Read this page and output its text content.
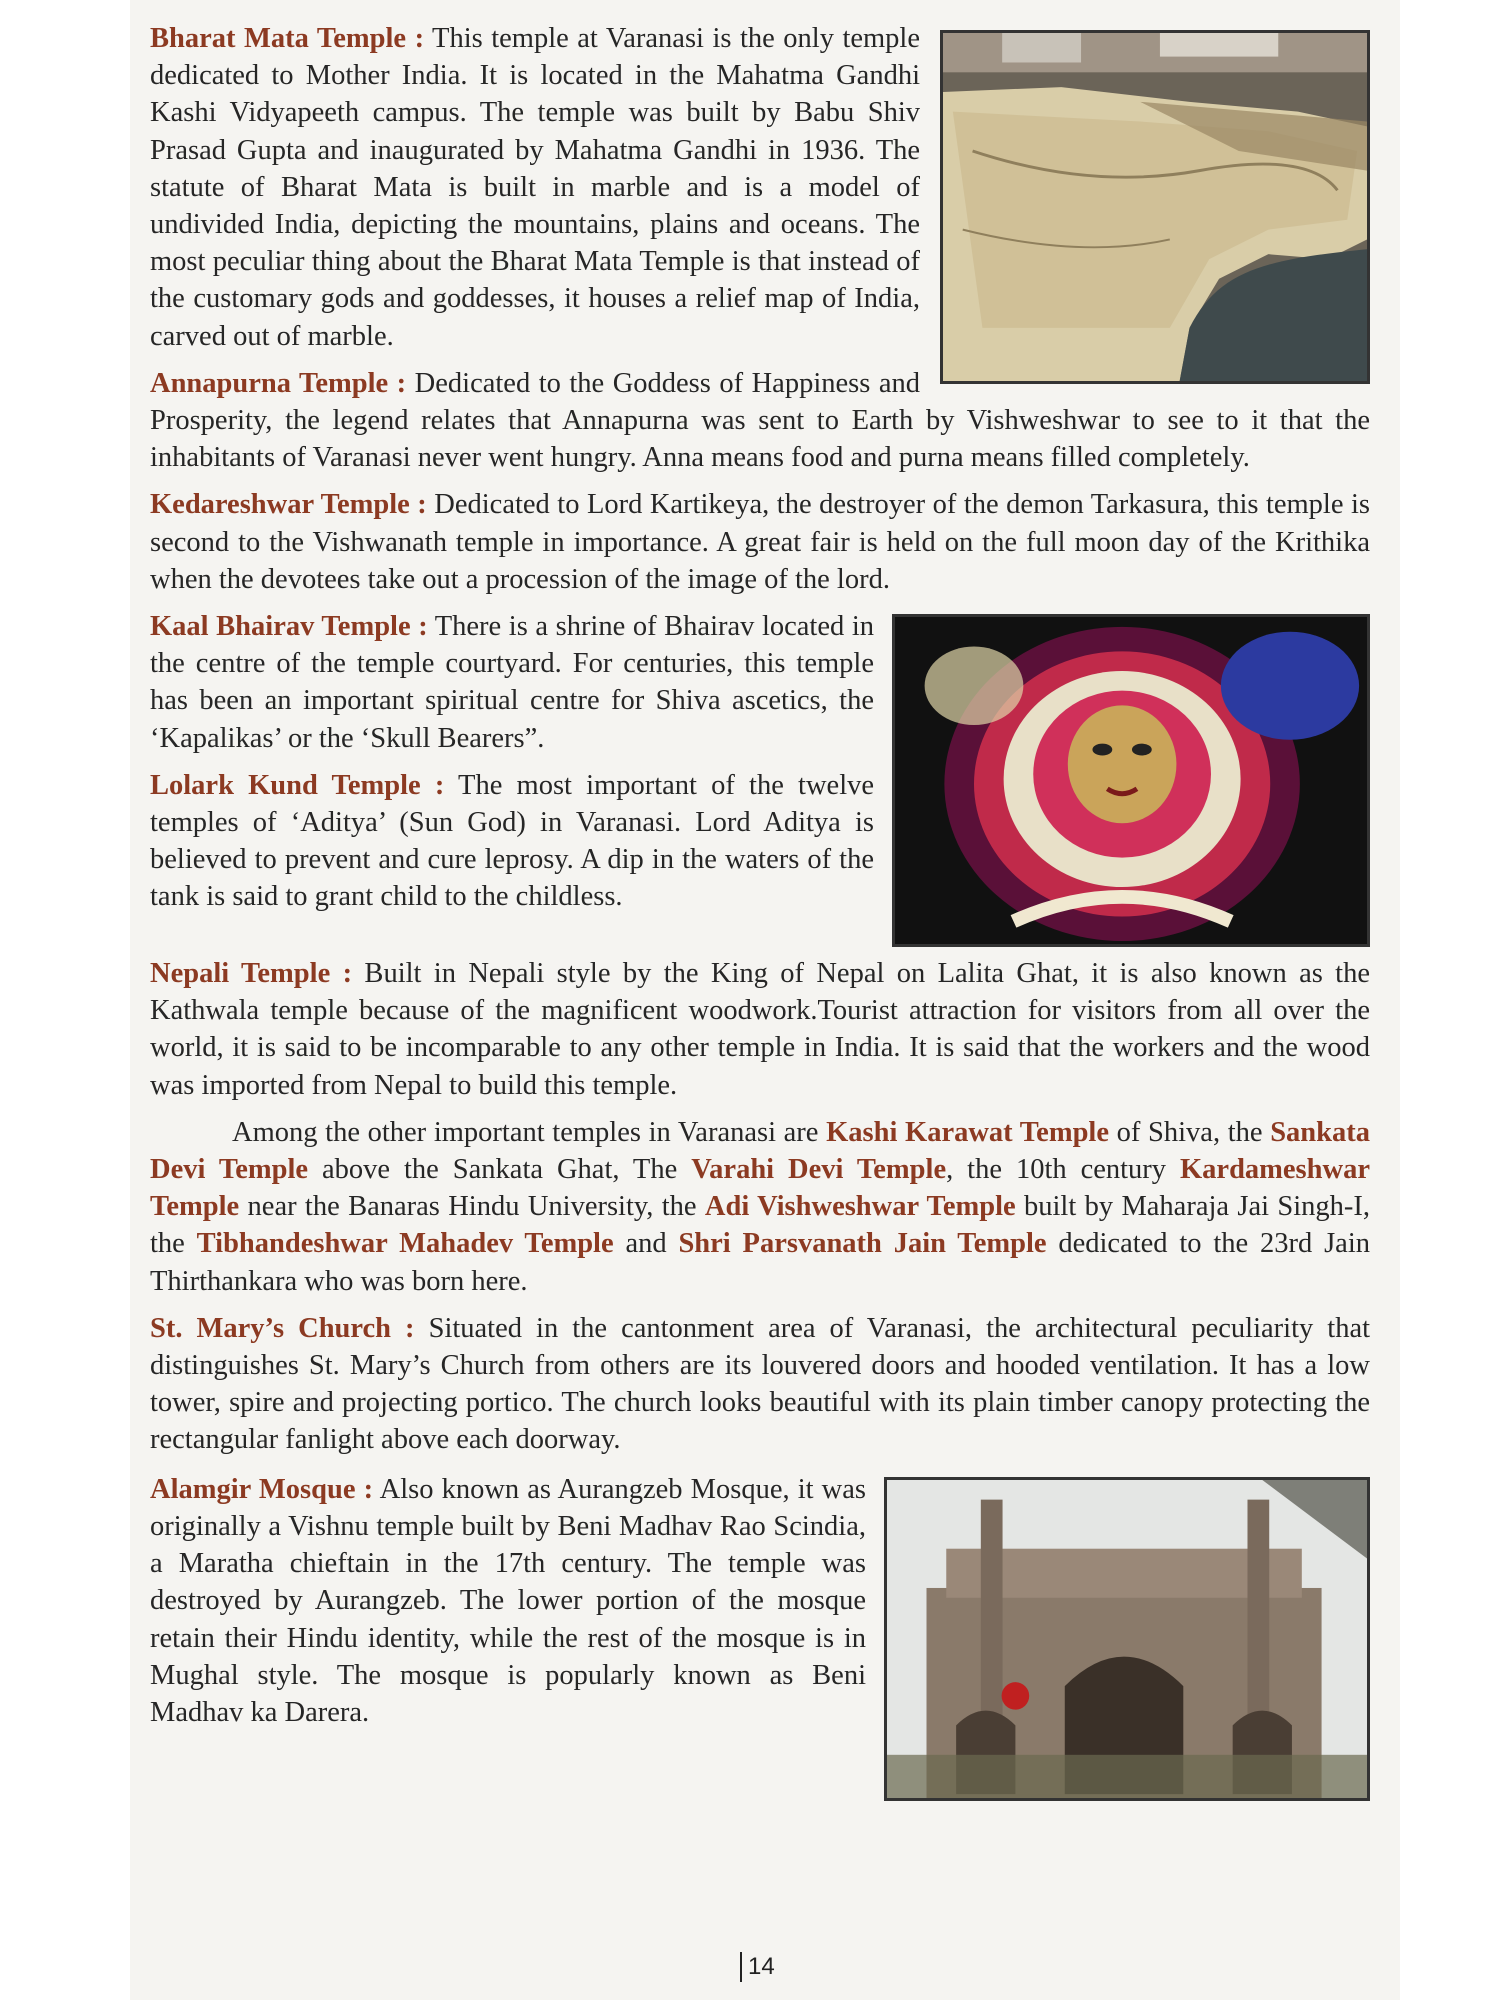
Bharat Mata Temple : This temple at Varanasi is the only temple dedicated to Mother India. It is located in the Mahatma Gandhi Kashi Vidyapeeth campus. The temple was built by Babu Shiv Prasad Gupta and inaugurated by Mahatma Gandhi in 1936. The statute of Bharat Mata is built in marble and is a model of undivided India, depicting the mountains, plains and oceans. The most peculiar thing about the Bharat Mata Temple is that instead of the customary gods and goddesses, it houses a relief map of India, carved out of marble.

Annapurna Temple : Dedicated to the Goddess of Happiness and Prosperity, the legend relates that Annapurna was sent to Earth by Vishweshwar to see to it that the inhabitants of Varanasi never went hungry. Anna means food and purna means filled completely.

Kedareshwar Temple : Dedicated to Lord Kartikeya, the destroyer of the demon Tarkasura, this temple is second to the Vishwanath temple in importance. A great fair is held on the full moon day of the Krithika when the devotees take out a procession of the image of the lord.

Kaal Bhairav Temple : There is a shrine of Bhairav located in the centre of the temple courtyard. For centuries, this temple has been an important spiritual centre for Shiva ascetics, the ‘Kapalikas’ or the ‘Skull Bearers”.

Lolark Kund Temple : The most important of the twelve temples of ‘Aditya’ (Sun God) in Varanasi. Lord Aditya is believed to prevent and cure leprosy. A dip in the waters of the tank is said to grant child to the childless.

Nepali Temple : Built in Nepali style by the King of Nepal on Lalita Ghat, it is also known as the Kathwala temple because of the magnificent woodwork.Tourist attraction for visitors from all over the world, it is said to be incomparable to any other temple in India. It is said that the workers and the wood was imported from Nepal to build this temple.

Among the other important temples in Varanasi are Kashi Karawat Temple of Shiva, the Sankata Devi Temple above the Sankata Ghat, The Varahi Devi Temple, the 10th century Kardameshwar Temple near the Banaras Hindu University, the Adi Vishweshwar Temple built by Maharaja Jai Singh-I, the Tibhandeshwar Mahadev Temple and Shri Parsvanath Jain Temple dedicated to the 23rd Jain Thirthankara who was born here.

St. Mary’s Church : Situated in the cantonment area of Varanasi, the architectural peculiarity that distinguishes St. Mary’s Church from others are its louvered doors and hooded ventilation. It has a low tower, spire and projecting portico. The church looks beautiful with its plain timber canopy protecting the rectangular fanlight above each doorway.

Alamgir Mosque : Also known as Aurangzeb Mosque, it was originally a Vishnu temple built by Beni Madhav Rao Scindia, a Maratha chieftain in the 17th century. The temple was destroyed by Aurangzeb. The lower portion of the mosque retain their Hindu identity, while the rest of the mosque is in Mughal style. The mosque is popularly known as Beni Madhav ka Darera.

14
